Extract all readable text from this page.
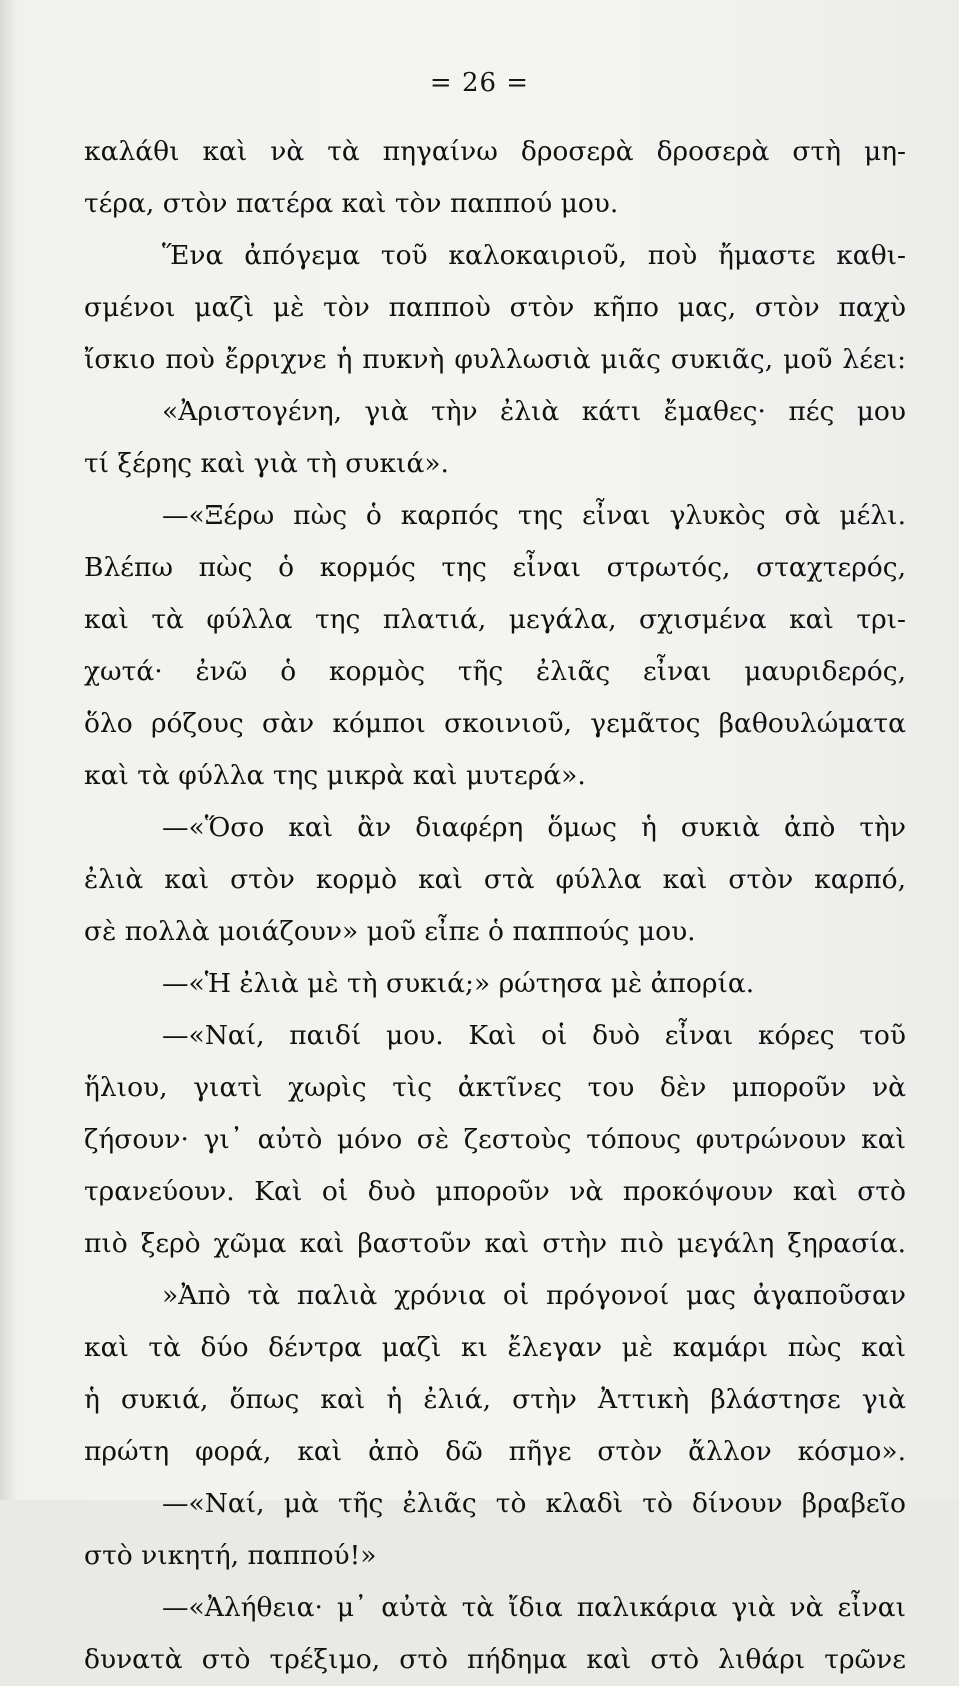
= 26 =
καλάθι καὶ νὰ τὰ πηγαίνω δροσερὰ δροσερὰ στὴ μη-
τέρα, στὸν πατέρα καὶ τὸν παππού μου.
Ἕνα ἀπόγεμα τοῦ καλοκαιριοῦ, ποὺ ἤμαστε καθι-
σμένοι μαζὶ μὲ τὸν παπποὺ στὸν κῆπο μας, στὸν παχὺ
ἴσκιο ποὺ ἔρριχνε ἡ πυκνὴ φυλλωσιὰ μιᾶς συκιᾶς, μοῦ λέει:
«Ἀριστογένη, γιὰ τὴν ἐλιὰ κάτι ἔμαθες· πές μου
τί ξέρης καὶ γιὰ τὴ συκιά».
—«Ξέρω πὼς ὁ καρπός της εἶναι γλυκὸς σὰ μέλι.
Βλέπω πὼς ὁ κορμός της εἶναι στρωτός, σταχτερός,
καὶ τὰ φύλλα της πλατιά, μεγάλα, σχισμένα καὶ τρι-
χωτά· ἐνῶ ὁ κορμὸς τῆς ἐλιᾶς εἶναι μαυριδερός,
ὅλο ρόζους σὰν κόμποι σκοινιοῦ, γεμᾶτος βαθουλώματα
καὶ τὰ φύλλα της μικρὰ καὶ μυτερά».
—«Ὅσο καὶ ἂν διαφέρη ὅμως ἡ συκιὰ ἀπὸ τὴν
ἐλιὰ καὶ στὸν κορμὸ καὶ στὰ φύλλα καὶ στὸν καρπό,
σὲ πολλὰ μοιάζουν» μοῦ εἶπε ὁ παππούς μου.
—«Ἡ ἐλιὰ μὲ τὴ συκιά;» ρώτησα μὲ ἀπορία.
—«Ναί, παιδί μου. Καὶ οἱ δυὸ εἶναι κόρες τοῦ
ἥλιου, γιατὶ χωρὶς τὶς ἀκτῖνες του δὲν μποροῦν νὰ
ζήσουν· γι᾿ αὐτὸ μόνο σὲ ζεστοὺς τόπους φυτρώνουν καὶ
τρανεύουν. Καὶ οἱ δυὸ μποροῦν νὰ προκόψουν καὶ στὸ
πιὸ ξερὸ χῶμα καὶ βαστοῦν καὶ στὴν πιὸ μεγάλη ξηρασία.
»Ἀπὸ τὰ παλιὰ χρόνια οἱ πρόγονοί μας ἀγαποῦσαν
καὶ τὰ δύο δέντρα μαζὶ κι ἔλεγαν μὲ καμάρι πὼς καὶ
ἡ συκιά, ὅπως καὶ ἡ ἐλιά, στὴν Ἀττικὴ βλάστησε γιὰ
πρώτη φορά, καὶ ἀπὸ δῶ πῆγε στὸν ἄλλον κόσμο».
—«Ναί, μὰ τῆς ἐλιᾶς τὸ κλαδὶ τὸ δίνουν βραβεῖο
στὸ νικητή, παππού!»
—«Ἀλήθεια· μ᾿ αὐτὰ τὰ ἴδια παλικάρια γιὰ νὰ εἶναι
δυνατὰ στὸ τρέξιμο, στὸ πήδημα καὶ στὸ λιθάρι τρῶνε
